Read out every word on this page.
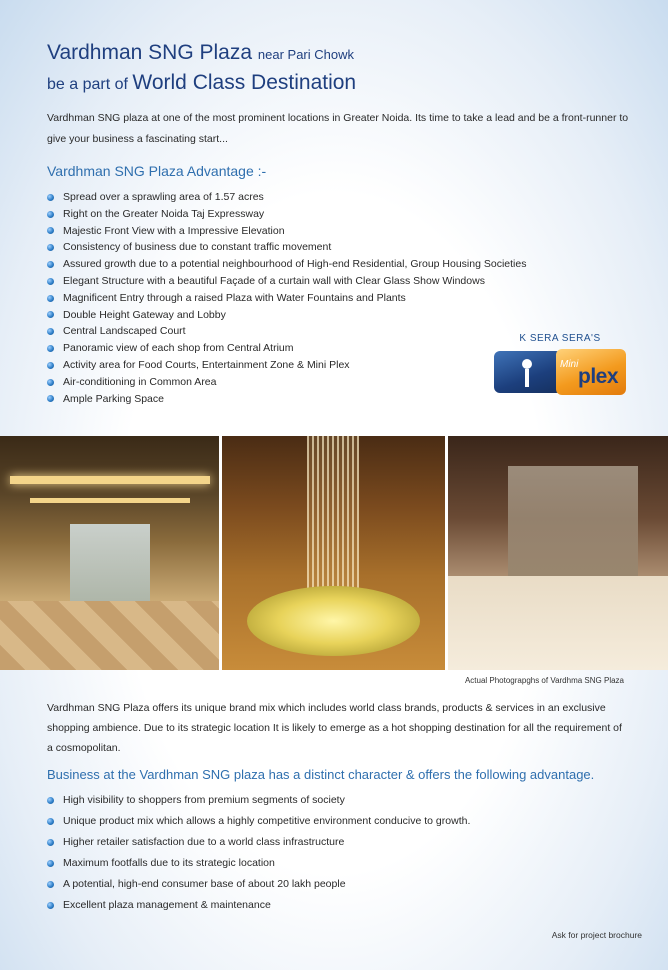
Vardhman SNG Plaza near Pari Chowk
be a part of World Class Destination
Vardhman SNG plaza at one of the most prominent locations in Greater Noida. Its time to take a lead and be a front-runner to give your business a fascinating start...
Vardhman SNG Plaza Advantage :-
Spread over a sprawling area of 1.57 acres
Right on the Greater Noida Taj Expressway
Majestic Front View with a Impressive Elevation
Consistency of business due to constant traffic movement
Assured growth due to a potential neighbourhood of High-end Residential, Group Housing Societies
Elegant Structure with a beautiful Façade of a curtain wall with Clear Glass Show Windows
Magnificent Entry through a raised Plaza with Water Fountains and Plants
Double Height Gateway and Lobby
Central Landscaped Court
Panoramic view of each shop from Central Atrium
Activity area for Food Courts, Entertainment Zone & Mini Plex
Air-conditioning in Common Area
Ample Parking Space
K SERA SERA'S
Mini
plex
Actual Photograpghs of Vardhma SNG Plaza
Vardhman SNG Plaza offers its unique brand mix which includes world class brands, products & services in an exclusive shopping ambience. Due to its strategic location It is likely to emerge as a hot shopping destination for all the requirement of a cosmopolitan.
Business at the Vardhman SNG plaza has a distinct character & offers the following advantage.
High visibility to shoppers from premium segments of society
Unique product mix which allows a highly competitive environment conducive to growth.
Higher retailer satisfaction due to a world class infrastructure
Maximum footfalls due to its strategic location
A potential, high-end consumer base of about 20 lakh people
Excellent plaza management & maintenance
Ask for project brochure
